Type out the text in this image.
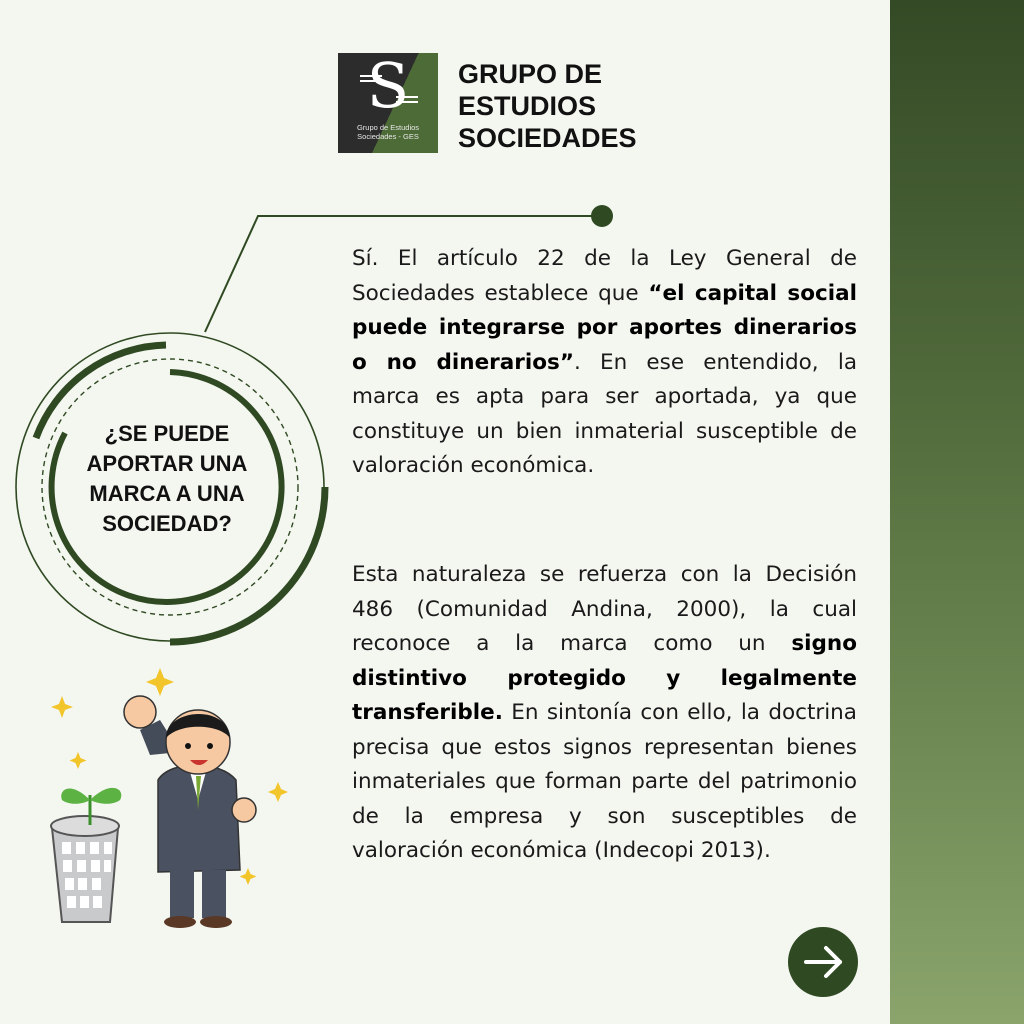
S
Grupo de Estudios
Sociedades - GES
GRUPO DE
ESTUDIOS
SOCIEDADES
¿SE PUEDE
APORTAR UNA
MARCA A UNA
SOCIEDAD?

Sí. El artículo 22 de la Ley General de Sociedades establece que “el capital social puede integrarse por aportes dinerarios o no dinerarios”. En ese entendido, la marca es apta para ser aportada, ya que constituye un bien inmaterial susceptible de valoración económica.

Esta naturaleza se refuerza con la Decisión 486 (Comunidad Andina, 2000), la cual reconoce a la marca como un signo distintivo protegido y legalmente transferible. En sintonía con ello, la doctrina precisa que estos signos representan bienes inmateriales que forman parte del patrimonio de la empresa y son susceptibles de valoración económica (Indecopi 2013).
